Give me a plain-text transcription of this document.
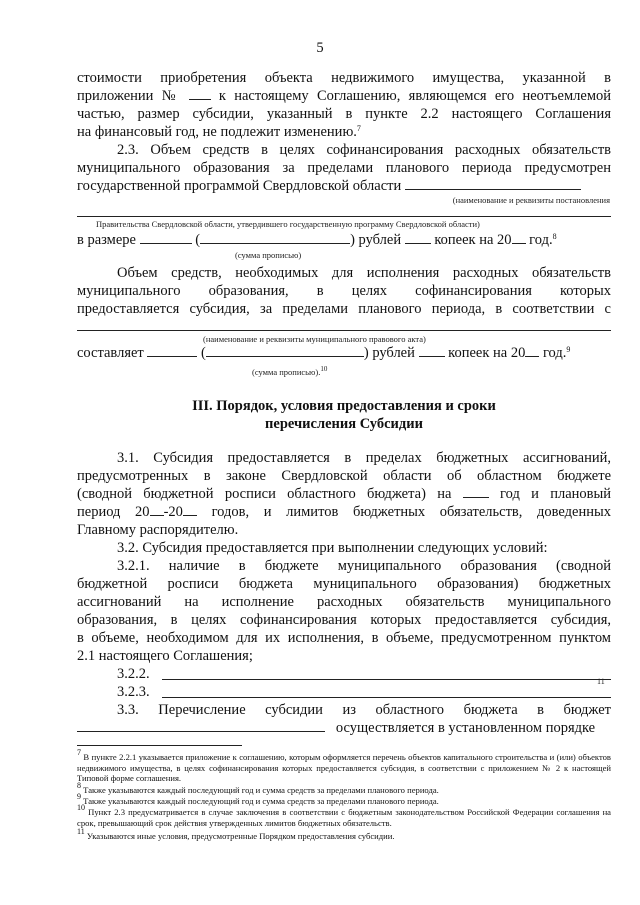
5
стоимости приобретения объекта недвижимого имущества, указанной в
приложении №	к настоящему Соглашению, являющемся его неотъемлемой
частью, размер субсидии, указанный в пункте 2.2 настоящего Соглашения
на финансовый год, не подлежит изменению.$^7$
2.3. Объем средств в целях софинансирования расходных обязательств
муниципального образования за пределами планового периода предусмотрен
государственной программой Свердловской области
(наименование и реквизиты постановления
Правительства Свердловской области, утвердившего государственную программу Свердловской области)
в размере	(	) рублей копеек на 20 год.$^8$
(сумма прописью)
Объем средств, необходимых для исполнения расходных обязательств
муниципального образования, в целях софинансирования которых
предоставляется субсидия, за пределами планового периода, в соответствии с
(наименование и реквизиты муниципального правового акта)
составляет	(	) рублей копеек на 20 год.$^9$
(сумма прописью).$^{10}$
III. Порядок, условия предоставления и сроки
перечисления Субсидии
3.1. Субсидия предоставляется в пределах бюджетных ассигнований,
предусмотренных в законе Свердловской области об областном бюджете
(сводной бюджетной росписи областного бюджета) на	год и плановый
период 20 -20 годов, и лимитов бюджетных обязательств, доведенных
Главному распорядителю.
3.2. Субсидия предоставляется при выполнении следующих условий:
3.2.1. наличие в бюджете муниципального образования (сводной
бюджетной росписи бюджета муниципального образования) бюджетных
ассигнований на исполнение расходных обязательств муниципального
образования, в целях софинансирования которых предоставляется субсидия,
в объеме, необходимом для их исполнения, в объеме, предусмотренном пунктом
2.1 настоящего Соглашения;
3.2.2.
3.2.3.
11
3.3. Перечисление субсидии из областного бюджета в бюджет
осуществляется в установленном порядке
$^7$ В пункте 2.2.1 указывается приложение к соглашению, которым оформляется перечень объектов капитального строительства и (или) объектов недвижимого имущества, в целях софинансирования которых предоставляется субсидия, в соответствии с приложением № 2 к настоящей Типовой форме соглашения.
$^8$ Также указываются каждый последующий год и сумма средств за пределами планового периода.
$^9$ Также указываются каждый последующий год и сумма средств за пределами планового периода.
$^{10}$ Пункт 2.3 предусматривается в случае заключения в соответствии с бюджетным законодательством Российской Федерации соглашения на срок, превышающий срок действия утвержденных лимитов бюджетных обязательств.
$^{11}$ Указываются иные условия, предусмотренные Порядком предоставления субсидии.
